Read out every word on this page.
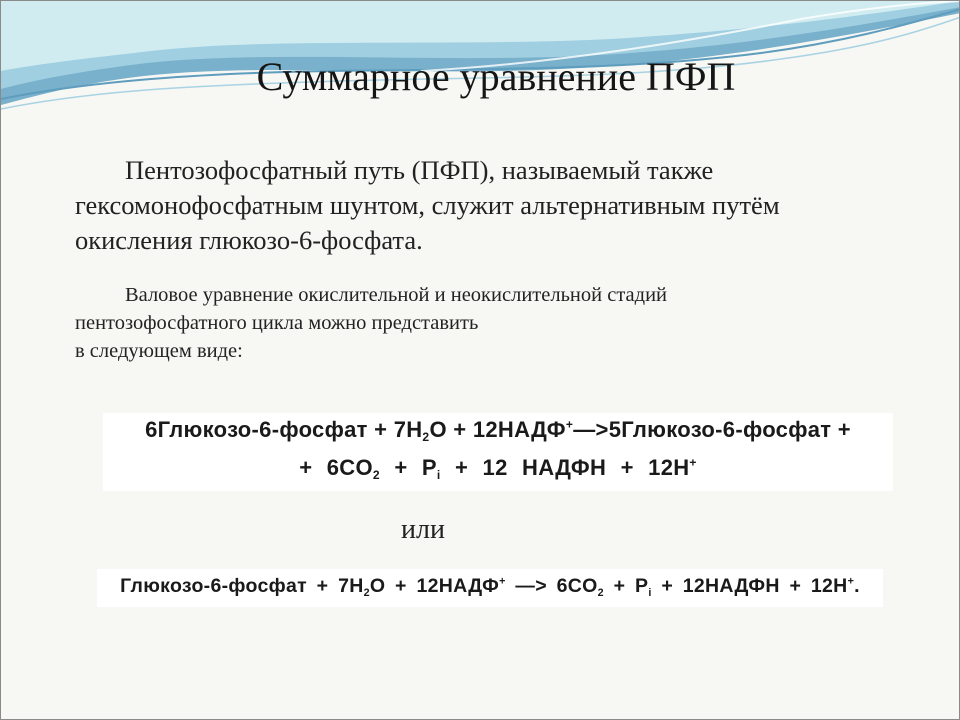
Суммарное уравнение ПФП

Пентозофосфатный путь (ПФП), называемый также гексомонофосфатным шунтом, служит альтернативным путём окисления глюкозо-6-фосфата.

Валовое уравнение окислительной и неокислительной стадий
пентозофосфатного цикла можно представить
в следующем виде:

6Глюкозо-6-фосфат + $7H_2O$ + 12НАДФ+—>5Глюкозо-6-фосфат +
+ $6CO_2 + P_i + 12$ НАДФН + 12H+
или
Глюкозо-6-фосфат + $7H_2O$ + 12НАДФ+ —> $6CO_2 + P_i$ + 12НАДФН + 12H+.
